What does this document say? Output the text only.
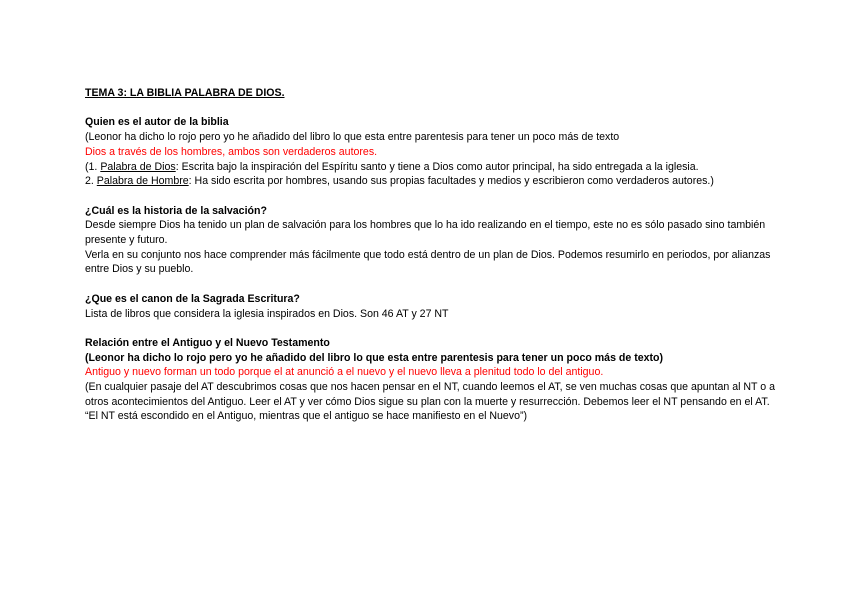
TEMA 3: LA BIBLIA PALABRA DE DIOS.
Quien es el autor de la biblia
(Leonor ha dicho lo rojo pero yo he añadido del libro lo que esta entre parentesis para tener un poco más de texto
Dios a través de los hombres, ambos son verdaderos autores.
(1. Palabra de Dios: Escrita bajo la inspiración del Espíritu santo y tiene a Dios como autor principal, ha sido entregada a la iglesia.
2. Palabra de Hombre: Ha sido escrita por hombres, usando sus propias facultades y medios y escribieron como verdaderos autores.)
¿Cuál es la historia de la salvación?
Desde siempre Dios ha tenido un plan de salvación para los hombres que lo ha ido realizando en el tiempo, este no es sólo pasado sino también presente y futuro.
Verla en su conjunto nos hace comprender más fácilmente que todo está dentro de un plan de Dios. Podemos resumirlo en periodos, por alianzas entre Dios y su pueblo.
¿Que es el canon de la Sagrada Escritura?
Lista de libros que considera la iglesia inspirados en Dios. Son 46 AT y 27 NT
Relación entre el Antiguo y el Nuevo Testamento
(Leonor ha dicho lo rojo pero yo he añadido del libro lo que esta entre parentesis para tener un poco más de texto)
Antiguo y nuevo forman un todo porque el at anunció a el nuevo y el nuevo lleva a plenitud todo lo del antiguo.
(En cualquier pasaje del AT descubrimos cosas que nos hacen pensar en el NT, cuando leemos el AT, se ven muchas cosas que apuntan al NT o a otros acontecimientos del Antiguo. Leer el AT y ver cómo Dios sigue su plan con la muerte y resurrección. Debemos leer el NT pensando en el AT.
“El NT está escondido en el Antiguo, mientras que el antiguo se hace manifiesto en el Nuevo”)
